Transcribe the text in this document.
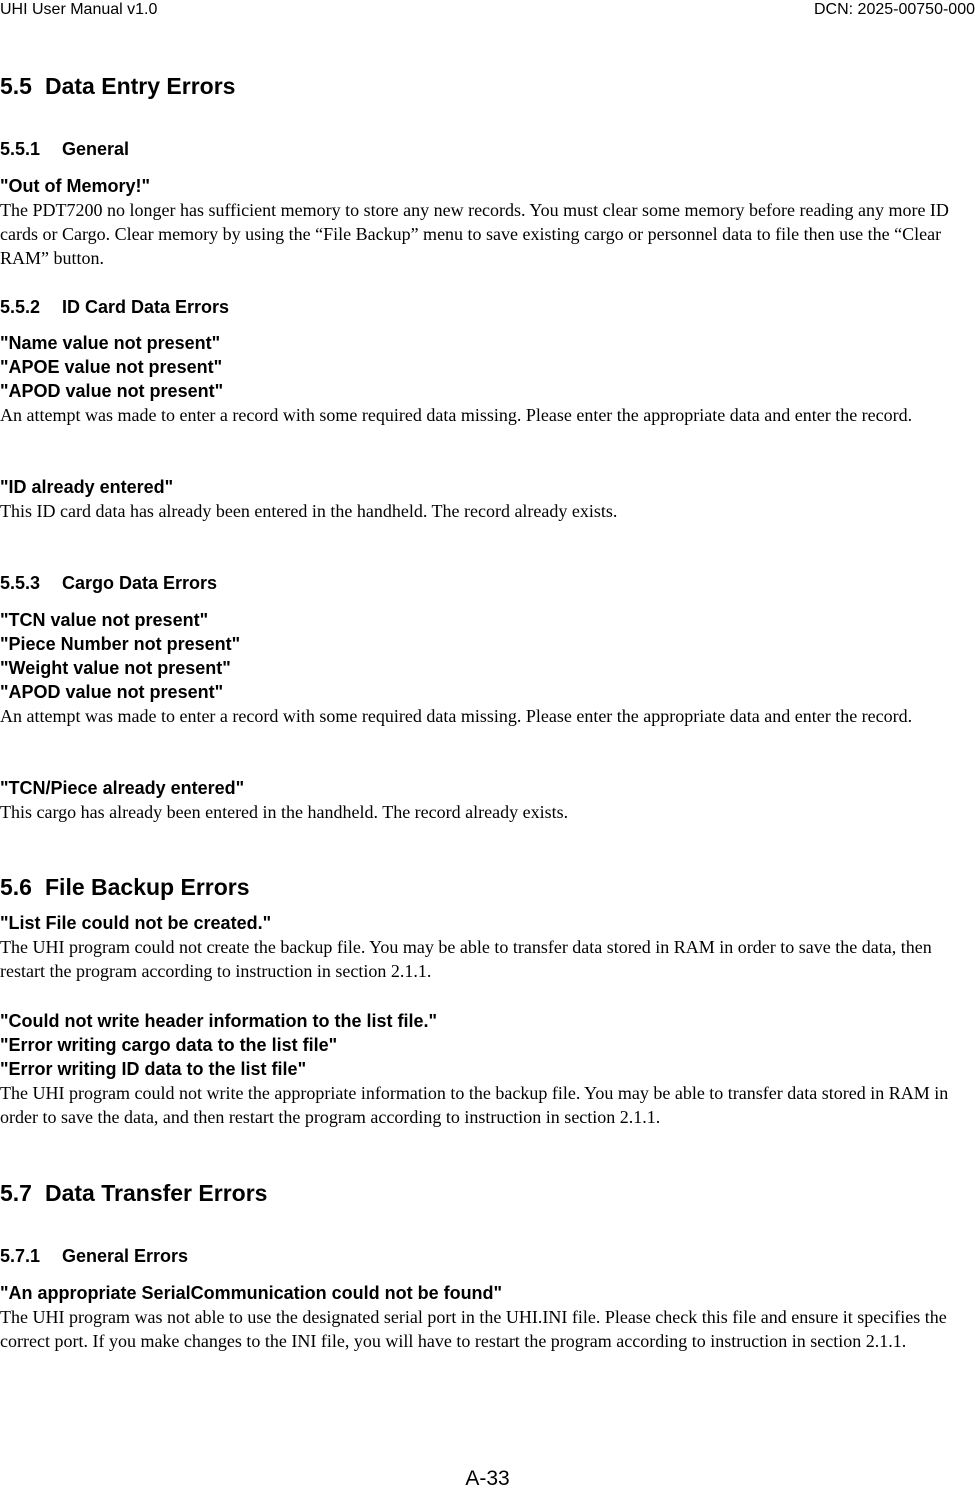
UHI User Manual v1.0	DCN: 2025-00750-000
5.5 Data Entry Errors
5.5.1 General
"Out of Memory!"
The PDT7200 no longer has sufficient memory to store any new records. You must clear some memory before reading any more ID cards or Cargo. Clear memory by using the “File Backup” menu to save existing cargo or personnel data to file then use the “Clear RAM” button.
5.5.2 ID Card Data Errors
"Name value not present"
"APOE value not present"
"APOD value not present"
An attempt was made to enter a record with some required data missing. Please enter the appropriate data and enter the record.
"ID already entered"
This ID card data has already been entered in the handheld. The record already exists.
5.5.3 Cargo Data Errors
"TCN value not present"
"Piece Number not present"
"Weight value not present"
"APOD value not present"
An attempt was made to enter a record with some required data missing. Please enter the appropriate data and enter the record.
"TCN/Piece already entered"
This cargo has already been entered in the handheld. The record already exists.
5.6 File Backup Errors
"List File could not be created."
The UHI program could not create the backup file. You may be able to transfer data stored in RAM in order to save the data, then restart the program according to instruction in section 2.1.1.
"Could not write header information to the list file."
"Error writing cargo data to the list file"
"Error writing ID data to the list file"
The UHI program could not write the appropriate information to the backup file. You may be able to transfer data stored in RAM in order to save the data, and then restart the program according to instruction in section 2.1.1.
5.7 Data Transfer Errors
5.7.1 General Errors
"An appropriate SerialCommunication could not be found"
The UHI program was not able to use the designated serial port in the UHI.INI file. Please check this file and ensure it specifies the correct port. If you make changes to the INI file, you will have to restart the program according to instruction in section 2.1.1.
A-33
